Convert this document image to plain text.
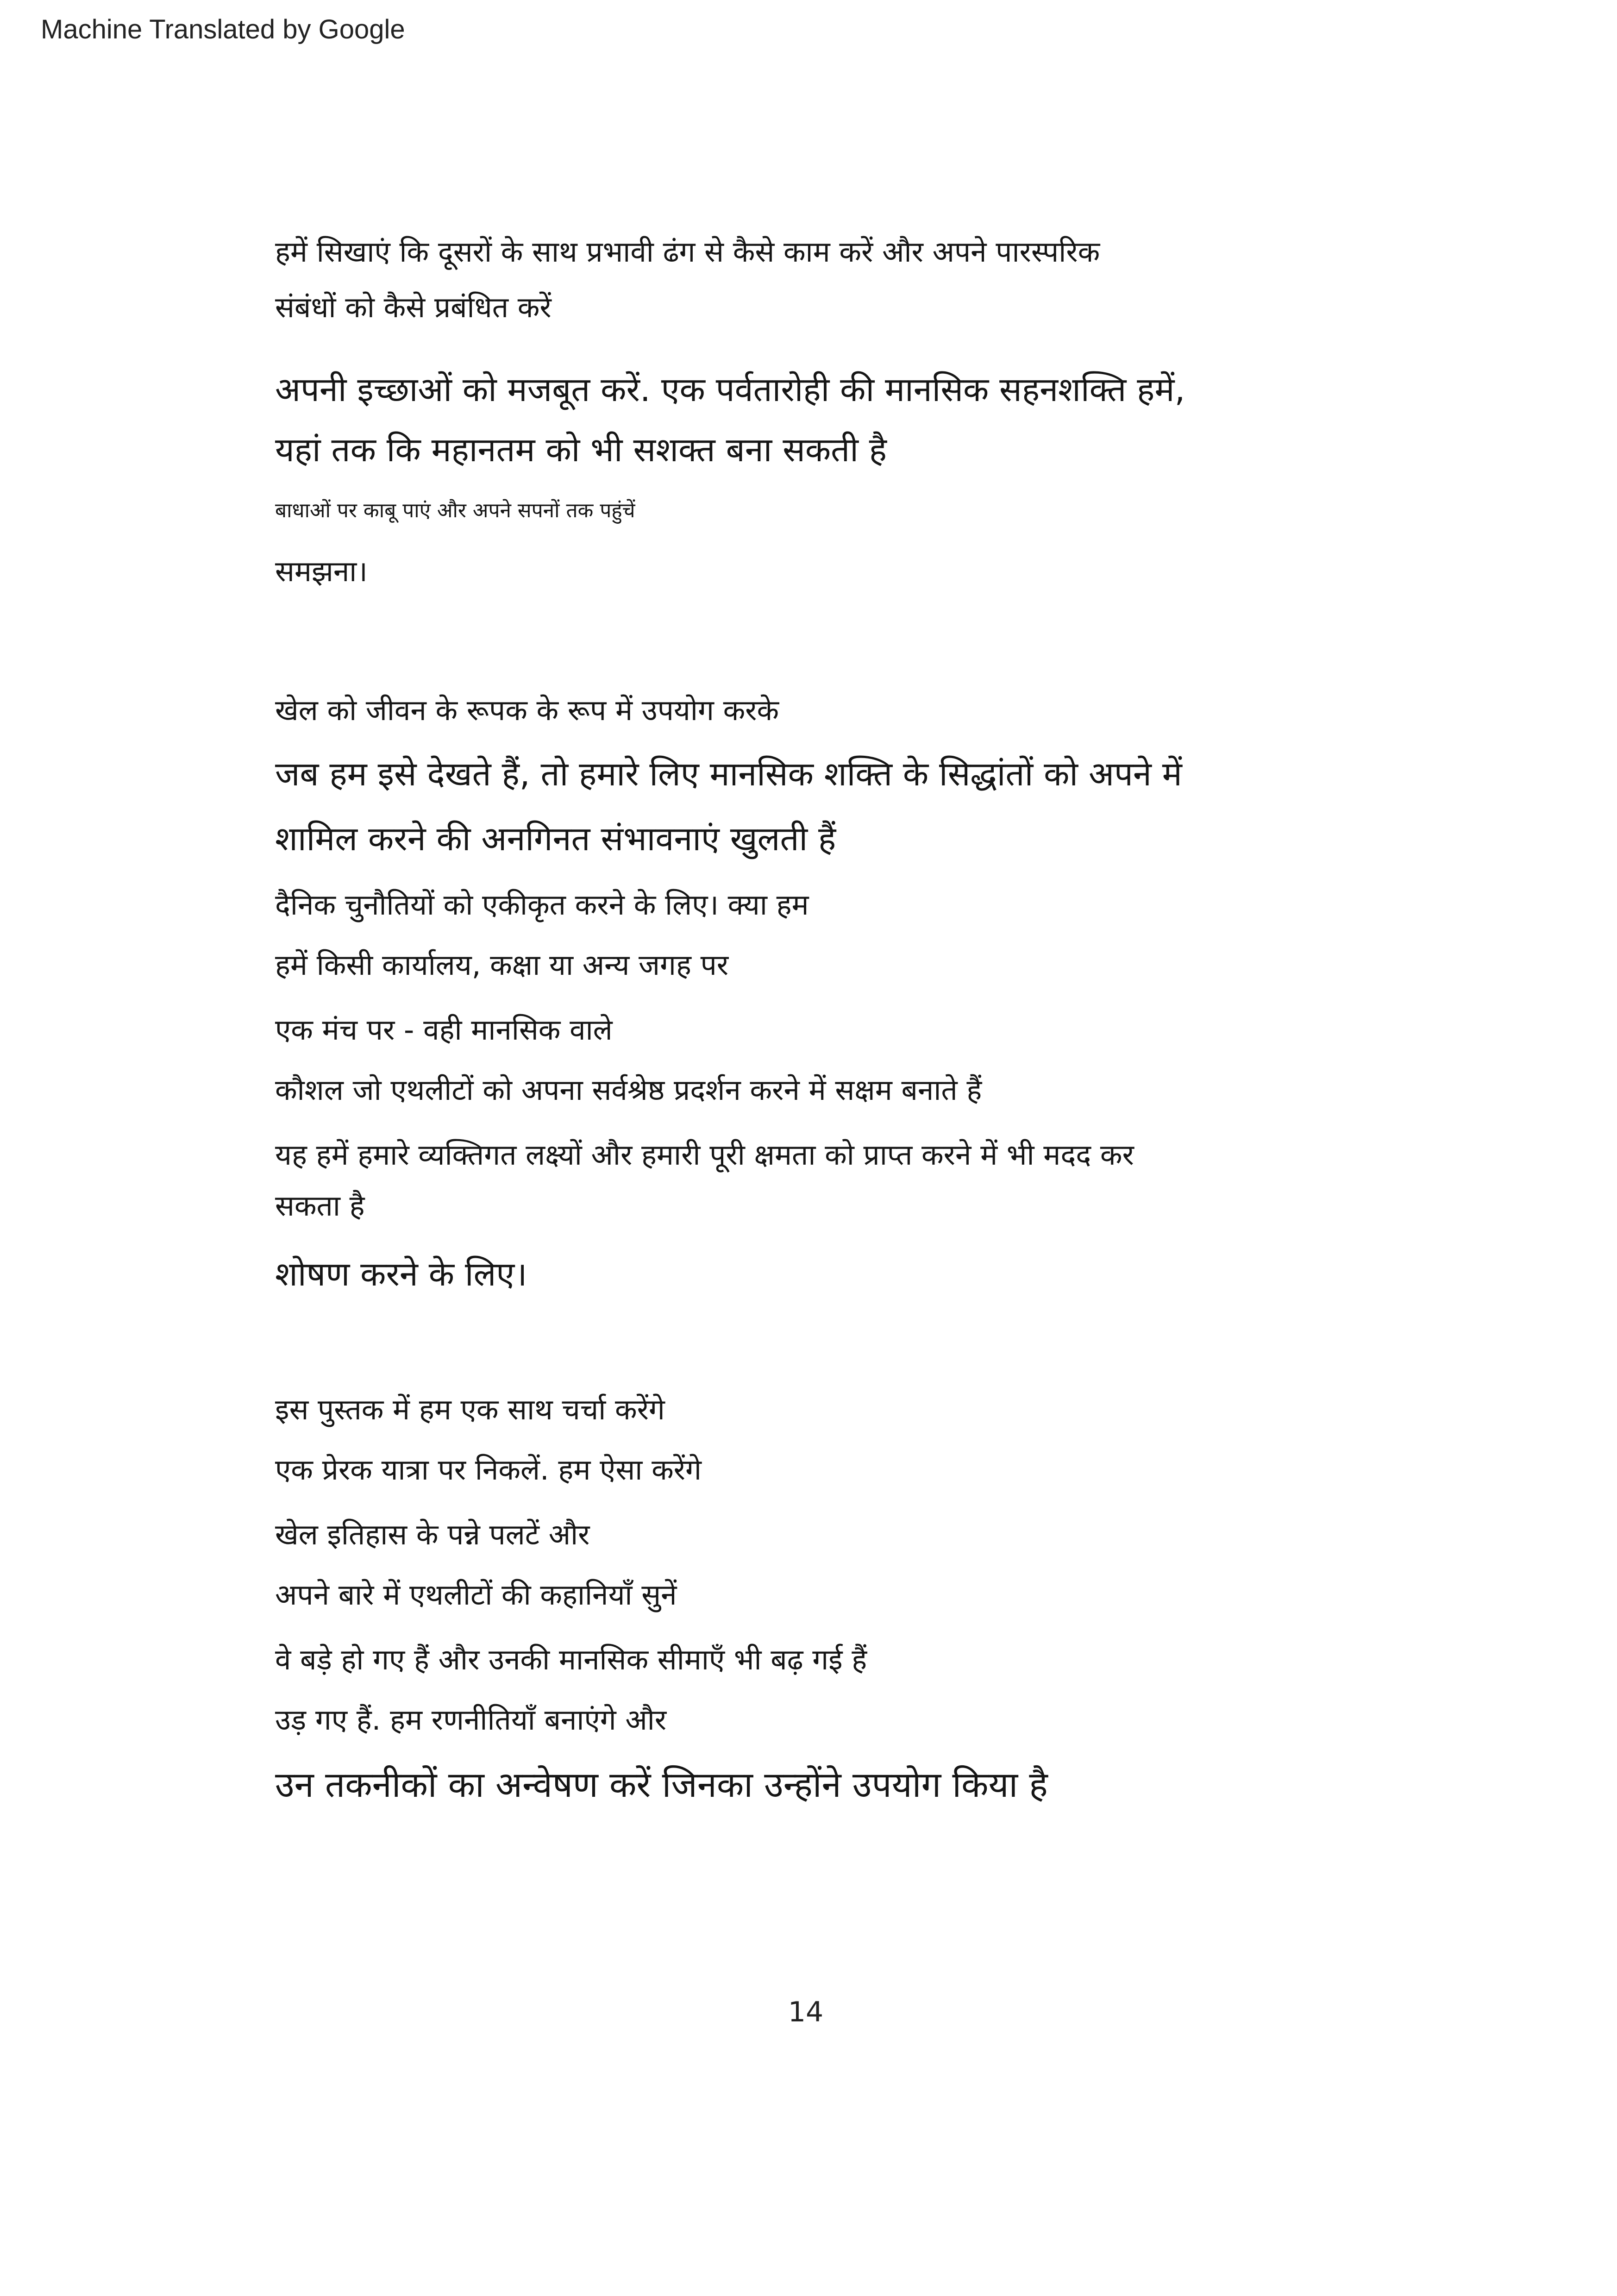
Machine Translated by Google
हमें सिखाएं कि दूसरों के साथ प्रभावी ढंग से कैसे काम करें और अपने पारस्परिक
संबंधों को कैसे प्रबंधित करें
अपनी इच्छाओं को मजबूत करें. एक पर्वतारोही की मानसिक सहनशक्ति हमें,
यहां तक कि महानतम को भी सशक्त बना सकती है
बाधाओं पर काबू पाएं और अपने सपनों तक पहुंचें
समझना।
खेल को जीवन के रूपक के रूप में उपयोग करके
जब हम इसे देखते हैं, तो हमारे लिए मानसिक शक्ति के सिद्धांतों को अपने में
शामिल करने की अनगिनत संभावनाएं खुलती हैं
दैनिक चुनौतियों को एकीकृत करने के लिए। क्या हम
हमें किसी कार्यालय, कक्षा या अन्य जगह पर
एक मंच पर - वही मानसिक वाले
कौशल जो एथलीटों को अपना सर्वश्रेष्ठ प्रदर्शन करने में सक्षम बनाते हैं
यह हमें हमारे व्यक्तिगत लक्ष्यों और हमारी पूरी क्षमता को प्राप्त करने में भी मदद कर
सकता है
शोषण करने के लिए।
इस पुस्तक में हम एक साथ चर्चा करेंगे
एक प्रेरक यात्रा पर निकलें. हम ऐसा करेंगे
खेल इतिहास के पन्ने पलटें और
अपने बारे में एथलीटों की कहानियाँ सुनें
वे बड़े हो गए हैं और उनकी मानसिक सीमाएँ भी बढ़ गई हैं
उड़ गए हैं. हम रणनीतियाँ बनाएंगे और
उन तकनीकों का अन्वेषण करें जिनका उन्होंने उपयोग किया है
14
